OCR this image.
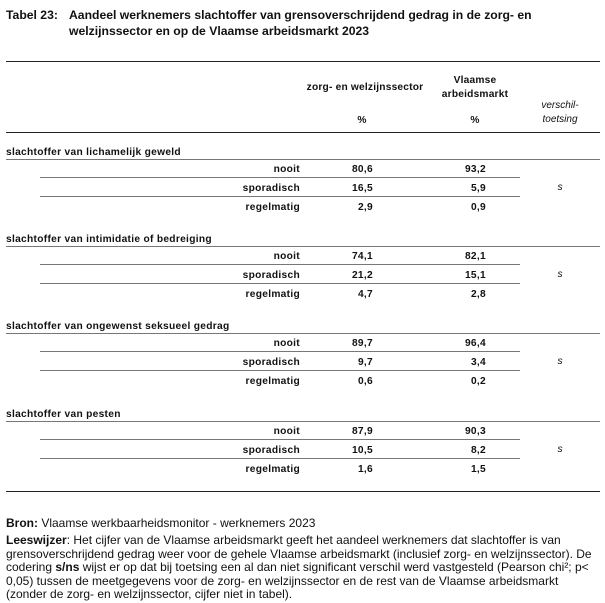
Tabel 23: Aandeel werknemers slachtoffer van grensoverschrijdend gedrag in de zorg- en welzijnssector en op de Vlaamse arbeidsmarkt 2023
zorg- en welzijnssector
Vlaamse
arbeidsmarkt
verschil-
toetsing
%	%
slachtoffer van lichamelijk geweld
nooit	80,6	93,2
sporadisch	16,5	5,9
regelmatig	2,9	0,9
s
slachtoffer van intimidatie of bedreiging
nooit	74,1	82,1
sporadisch	21,2	15,1
regelmatig	4,7	2,8
s
slachtoffer van ongewenst seksueel gedrag
nooit	89,7	96,4
sporadisch	9,7	3,4
regelmatig	0,6	0,2
s
slachtoffer van pesten
nooit	87,9	90,3
sporadisch	10,5	8,2
regelmatig	1,6	1,5
s
Bron: Vlaamse werkbaarheidsmonitor - werknemers 2023
Leeswijzer: Het cijfer van de Vlaamse arbeidsmarkt geeft het aandeel werknemers dat slachtoffer is van grensoverschrijdend gedrag weer voor de gehele Vlaamse arbeidsmarkt (inclusief zorg- en welzijnssector). De codering s/ns wijst er op dat bij toetsing een al dan niet significant verschil werd vastgesteld (Pearson chi²; p< 0,05) tussen de meetgegevens voor de zorg- en welzijnssector en de rest van de Vlaamse arbeidsmarkt (zonder de zorg- en welzijnssector, cijfer niet in tabel).
